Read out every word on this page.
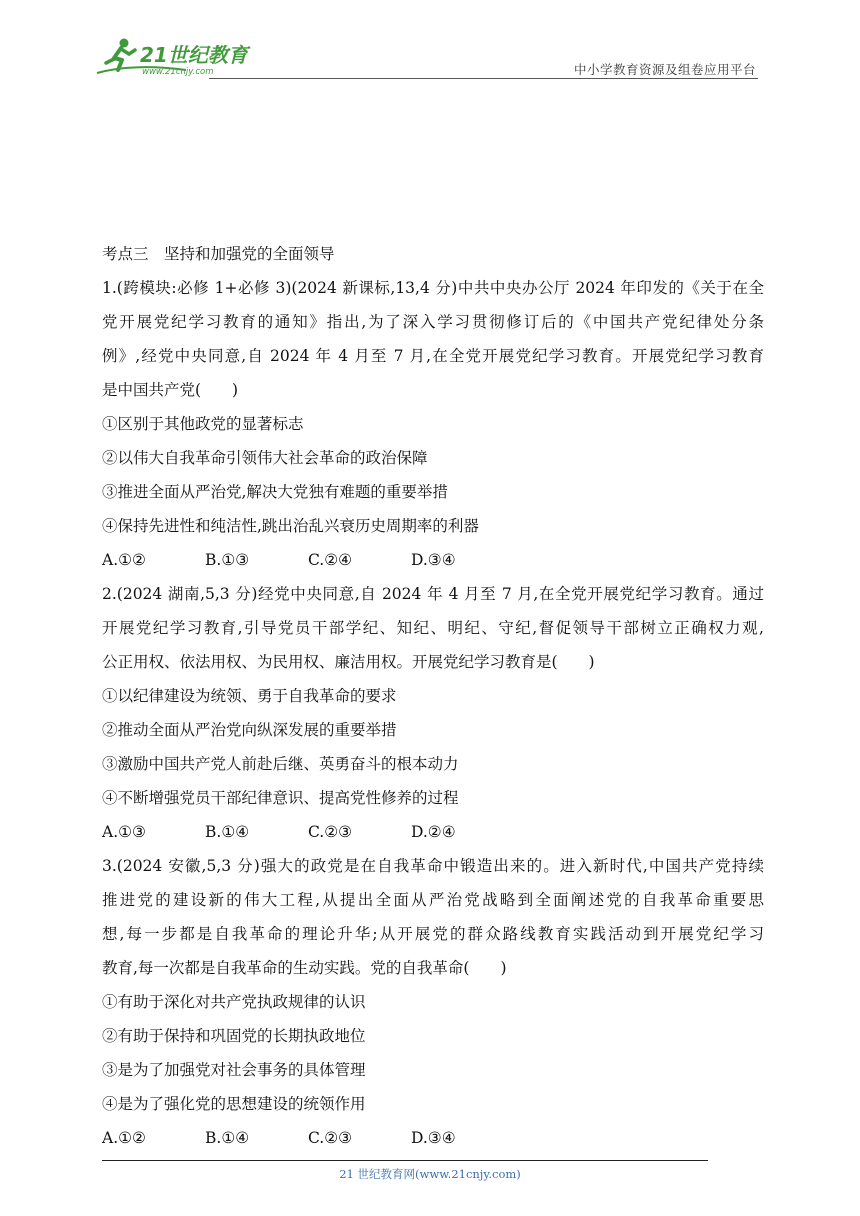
21世纪教育
www.21cnjy.com	中小学教育资源及组卷应用平台
考点三　坚持和加强党的全面领导
1.(跨模块:必修 1+必修 3)(2024 新课标,13,4 分)中共中央办公厅 2024 年印发的《关于在全
党开展党纪学习教育的通知》指出,为了深入学习贯彻修订后的《中国共产党纪律处分条
例》,经党中央同意,自 2024 年 4 月至 7 月,在全党开展党纪学习教育。开展党纪学习教育
是中国共产党(　　)
①区别于其他政党的显著标志
②以伟大自我革命引领伟大社会革命的政治保障
③推进全面从严治党,解决大党独有难题的重要举措
④保持先进性和纯洁性,跳出治乱兴衰历史周期率的利器
A.①②	B.①③	C.②④	D.③④
2.(2024 湖南,5,3 分)经党中央同意,自 2024 年 4 月至 7 月,在全党开展党纪学习教育。通过
开展党纪学习教育,引导党员干部学纪、知纪、明纪、守纪,督促领导干部树立正确权力观,
公正用权、依法用权、为民用权、廉洁用权。开展党纪学习教育是(　　)
①以纪律建设为统领、勇于自我革命的要求
②推动全面从严治党向纵深发展的重要举措
③激励中国共产党人前赴后继、英勇奋斗的根本动力
④不断增强党员干部纪律意识、提高党性修养的过程
A.①③	B.①④	C.②③	D.②④
3.(2024 安徽,5,3 分)强大的政党是在自我革命中锻造出来的。进入新时代,中国共产党持续
推进党的建设新的伟大工程,从提出全面从严治党战略到全面阐述党的自我革命重要思
想,每一步都是自我革命的理论升华;从开展党的群众路线教育实践活动到开展党纪学习
教育,每一次都是自我革命的生动实践。党的自我革命(　　)
①有助于深化对共产党执政规律的认识
②有助于保持和巩固党的长期执政地位
③是为了加强党对社会事务的具体管理
④是为了强化党的思想建设的统领作用
A.①②	B.①④	C.②③	D.③④
21 世纪教育网(www.21cnjy.com)
